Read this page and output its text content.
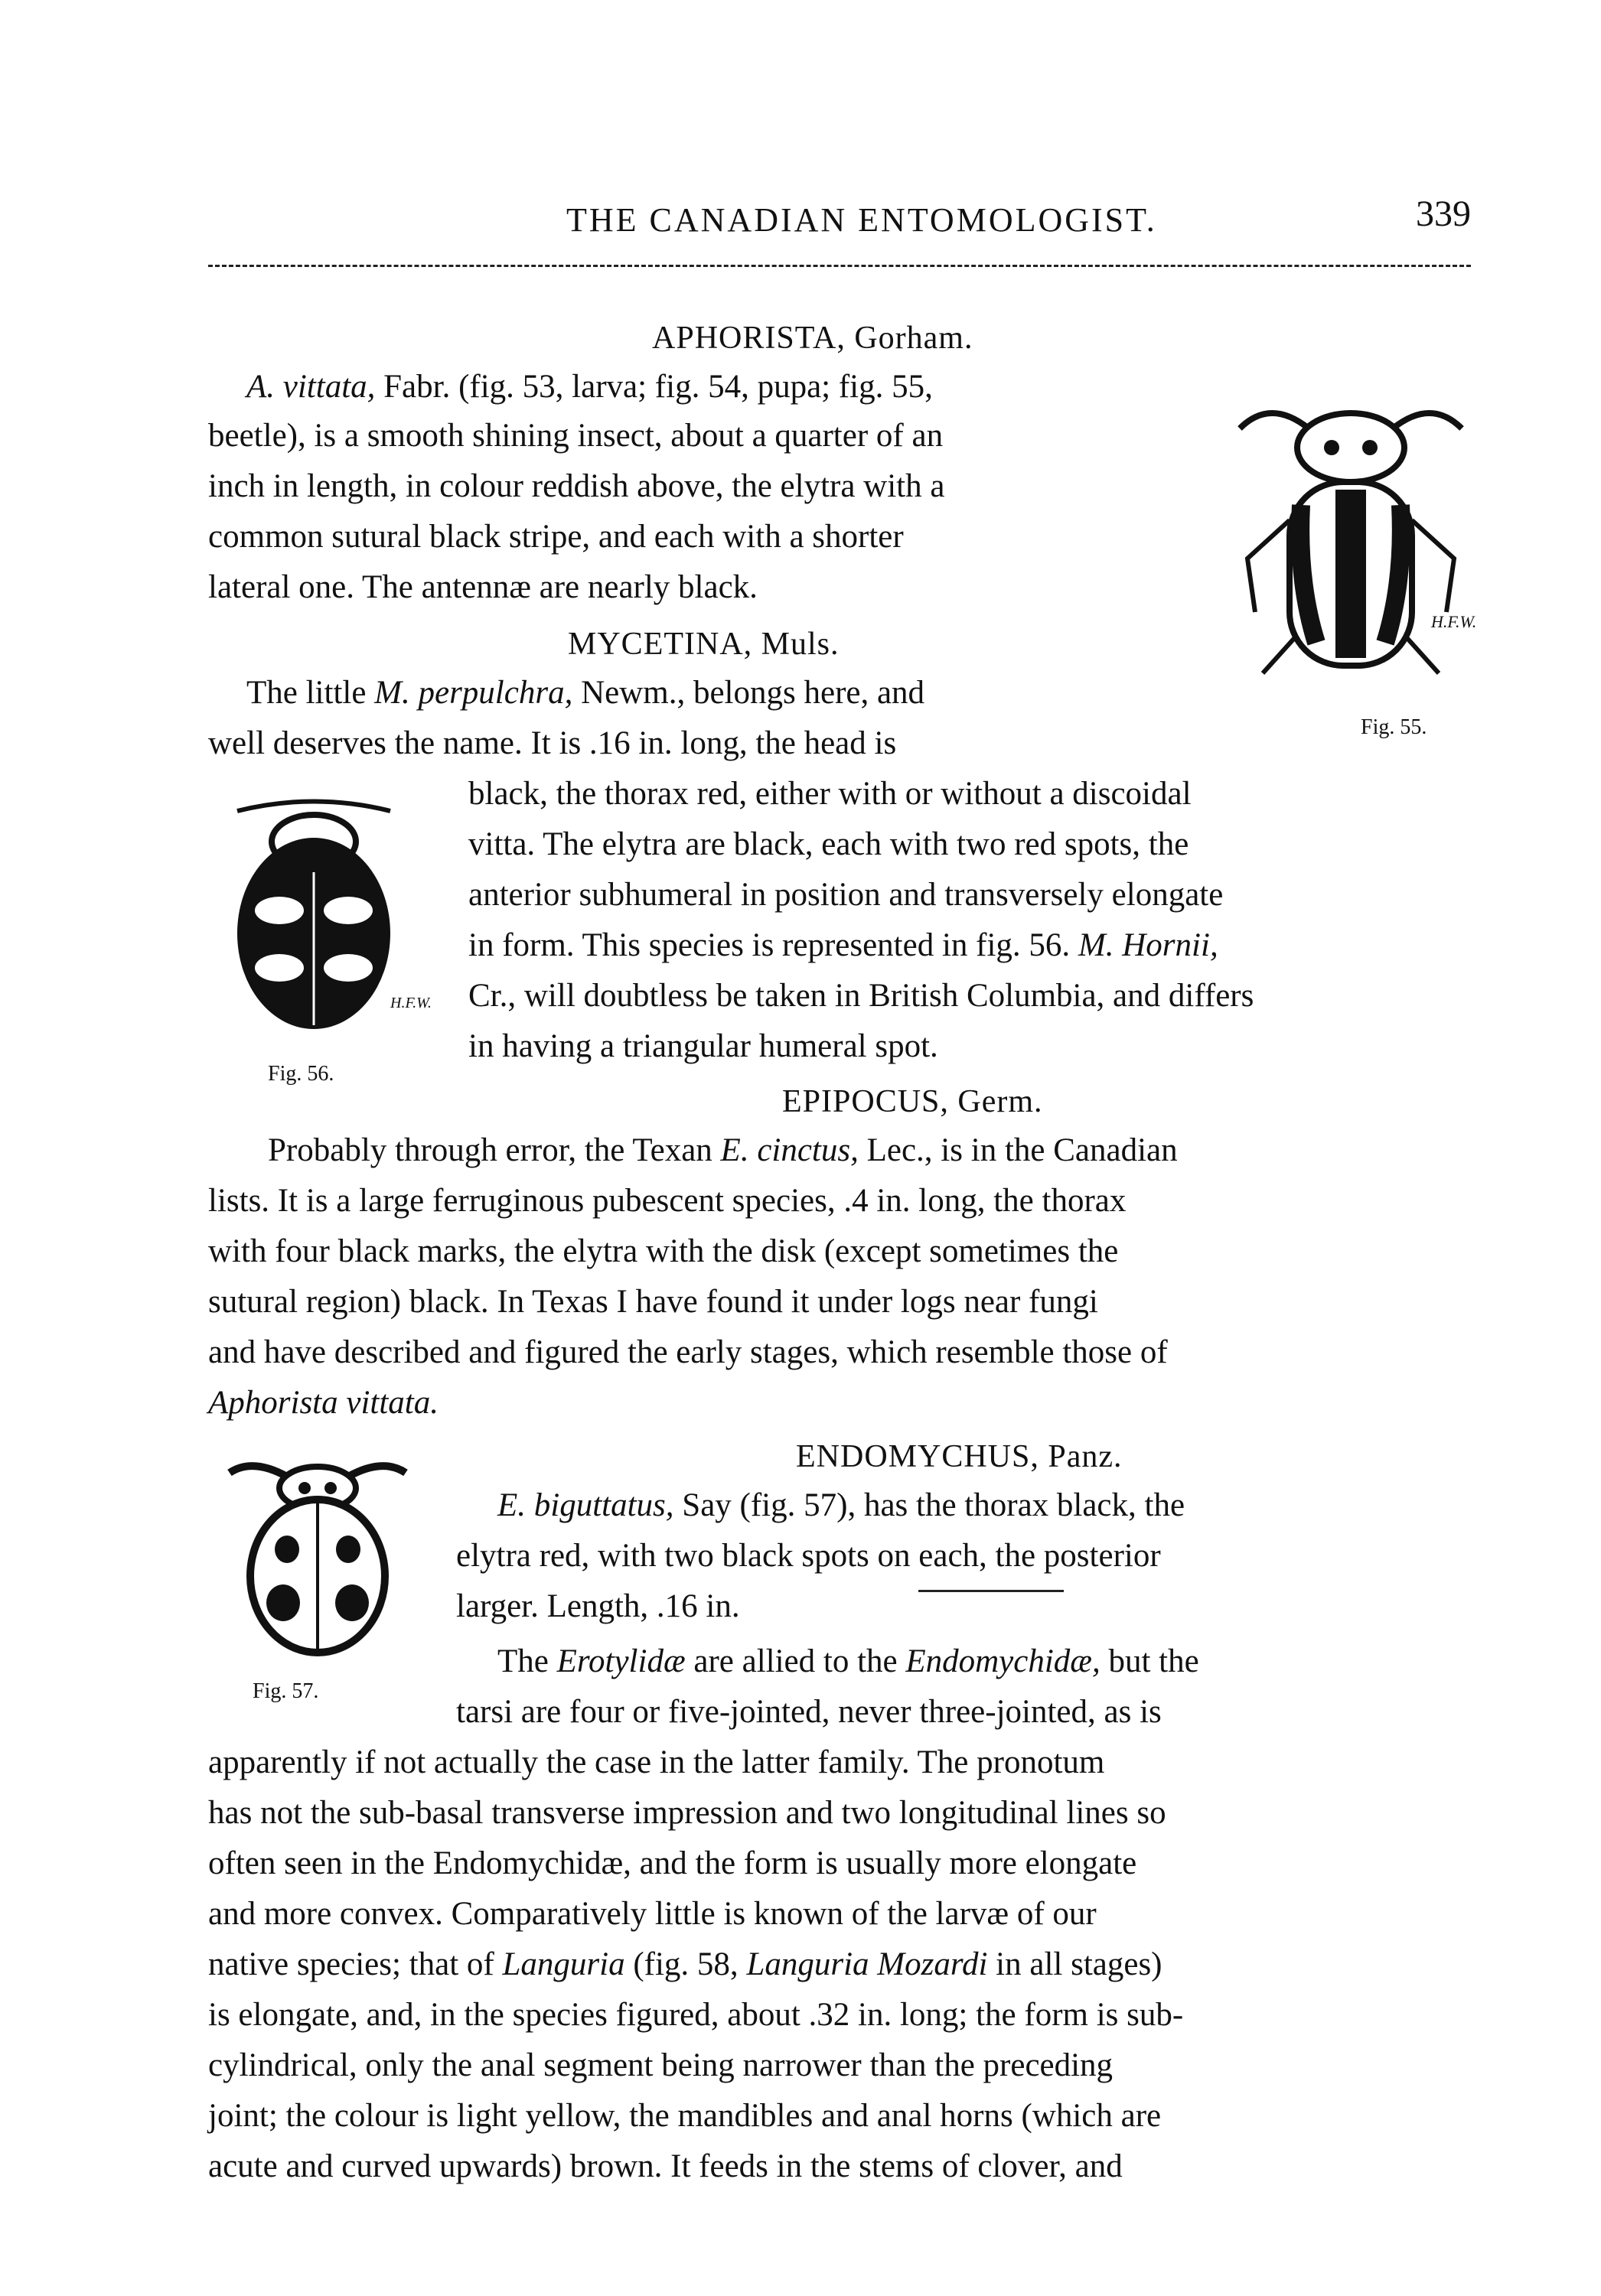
THE CANADIAN ENTOMOLOGIST.	339
APHORISTA, Gorham.
A. vittata, Fabr. (fig. 53, larva; fig. 54, pupa; fig. 55,
beetle), is a smooth shining insect, about a quarter of an
inch in length, in colour reddish above, the elytra with a
common sutural black stripe, and each with a shorter
lateral one. The antennæ are nearly black.
MYCETINA, Muls.
The little M. perpulchra, Newm., belongs here, and
well deserves the name. It is .16 in. long, the head is
black, the thorax red, either with or without a discoidal
vitta. The elytra are black, each with two red spots, the
anterior subhumeral in position and transversely elongate
in form. This species is represented in fig. 56. M. Hornii,
Cr., will doubtless be taken in British Columbia, and differs
in having a triangular humeral spot.
EPIPOCUS, Germ.
Probably through error, the Texan E. cinctus, Lec., is in the Canadian
lists. It is a large ferruginous pubescent species, .4 in. long, the thorax
with four black marks, the elytra with the disk (except sometimes the
sutural region) black. In Texas I have found it under logs near fungi
and have described and figured the early stages, which resemble those of
Aphorista vittata.
ENDOMYCHUS, Panz.
E. biguttatus, Say (fig. 57), has the thorax black, the
elytra red, with two black spots on each, the posterior
larger. Length, .16 in.
The Erotylidæ are allied to the Endomychidæ, but the
tarsi are four or five-jointed, never three-jointed, as is
apparently if not actually the case in the latter family. The pronotum
has not the sub-basal transverse impression and two longitudinal lines so
often seen in the Endomychidæ, and the form is usually more elongate
and more convex. Comparatively little is known of the larvæ of our
native species; that of Languria (fig. 58, Languria Mozardi in all stages)
is elongate, and, in the species figured, about .32 in. long; the form is sub-
cylindrical, only the anal segment being narrower than the preceding
joint; the colour is light yellow, the mandibles and anal horns (which are
acute and curved upwards) brown. It feeds in the stems of clover, and
H.F.W.
Fig. 55.
H.F.W.
Fig. 56.
Fig. 57.
